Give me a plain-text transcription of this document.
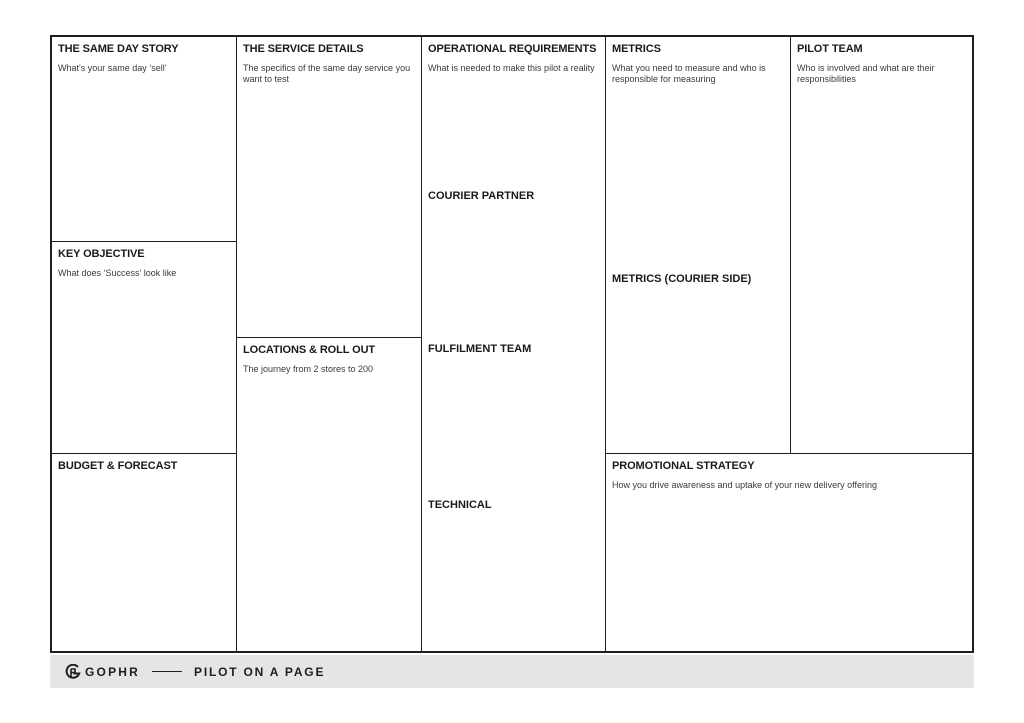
THE SAME DAY STORY
What's your same day ‘sell’
KEY OBJECTIVE
What does ‘Success’ look like
BUDGET & FORECAST
THE SERVICE DETAILS
The specifics of the same day service you want to test
LOCATIONS & ROLL OUT
The journey from 2 stores to 200
OPERATIONAL REQUIREMENTS
What is needed to make this pilot a reality
COURIER PARTNER
FULFILMENT TEAM
TECHNICAL
METRICS
What you need to measure and who is responsible for measuring
METRICS (COURIER SIDE)
PILOT TEAM
Who is involved and what are their responsibilities
PROMOTIONAL STRATEGY
How you drive awareness and uptake of your new delivery offering
GOPHR	PILOT ON A PAGE
